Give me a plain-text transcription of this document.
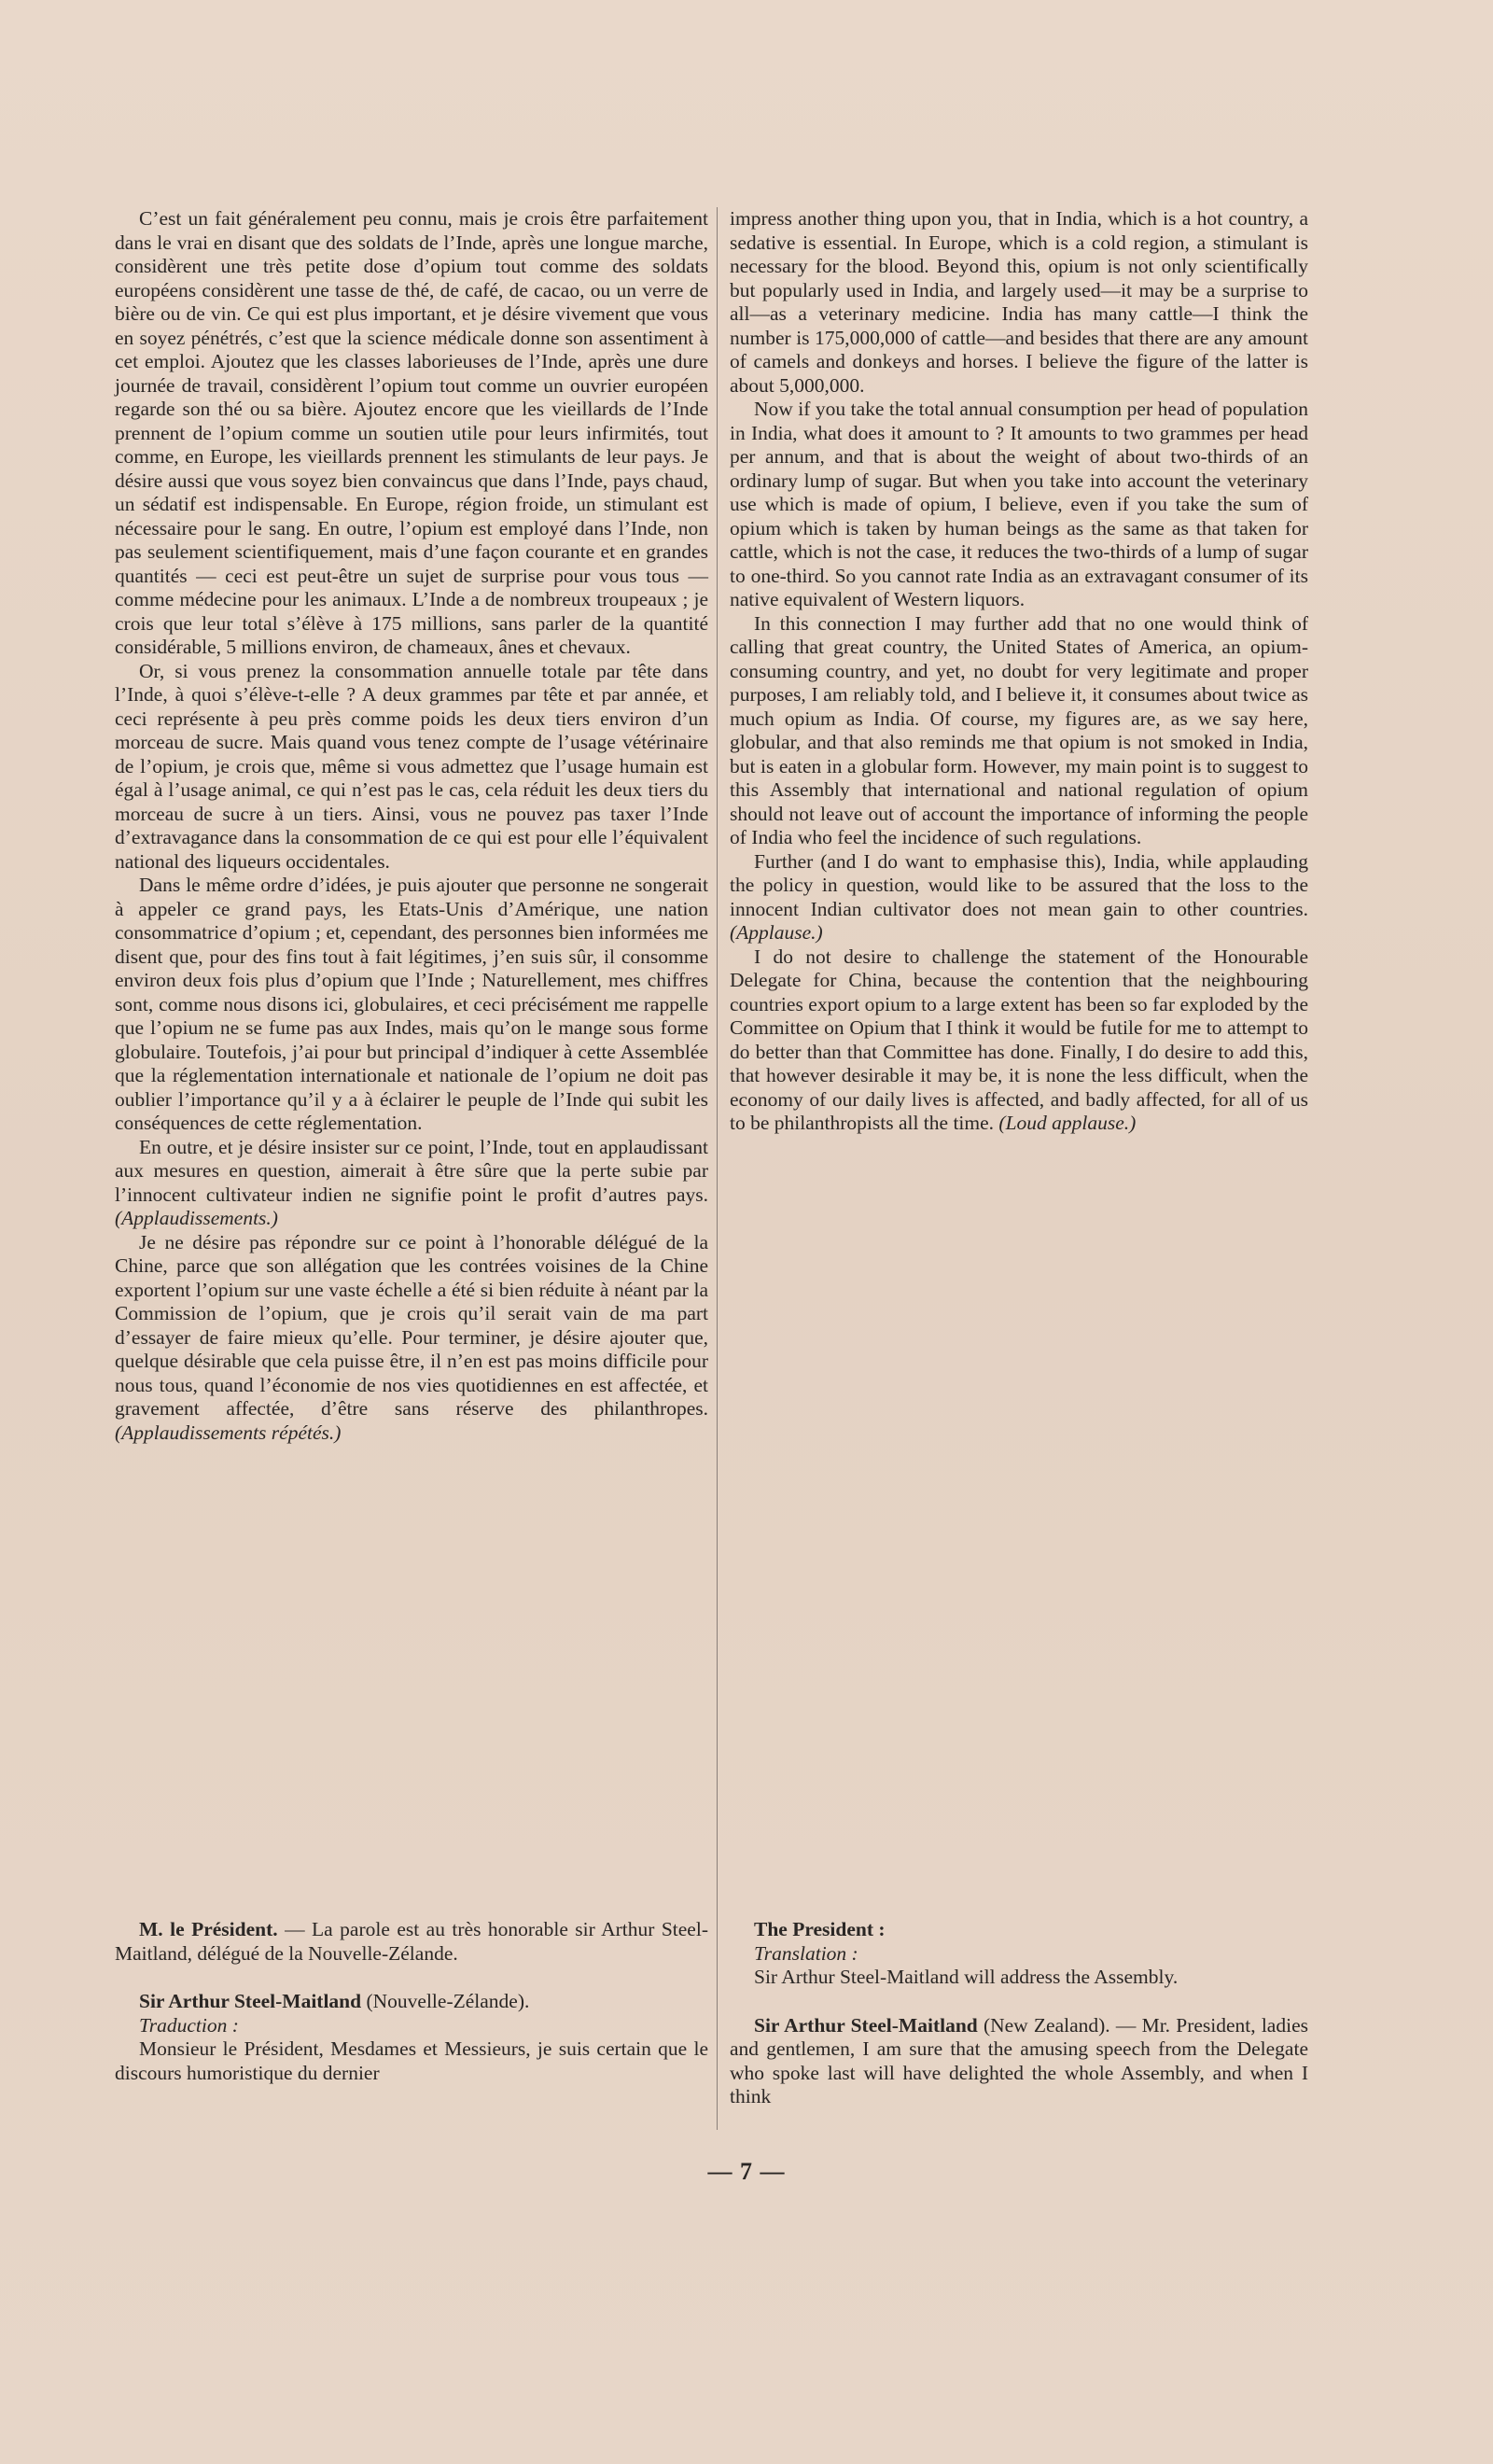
C’est un fait généralement peu connu, mais je crois être parfaitement dans le vrai en disant que des soldats de l’Inde, après une longue marche, considèrent une très petite dose d’opium tout comme des soldats européens considèrent une tasse de thé, de café, de cacao, ou un verre de bière ou de vin. Ce qui est plus important, et je désire vivement que vous en soyez pénétrés, c’est que la science médicale donne son assentiment à cet emploi. Ajoutez que les classes laborieuses de l’Inde, après une dure journée de travail, considèrent l’opium tout comme un ouvrier européen regarde son thé ou sa bière. Ajoutez encore que les vieillards de l’Inde prennent de l’opium comme un soutien utile pour leurs infirmités, tout comme, en Europe, les vieillards prennent les stimulants de leur pays. Je désire aussi que vous soyez bien convaincus que dans l’Inde, pays chaud, un sédatif est indispensable. En Europe, région froide, un stimulant est nécessaire pour le sang. En outre, l’opium est employé dans l’Inde, non pas seulement scientifiquement, mais d’une façon courante et en grandes quantités — ceci est peut-être un sujet de surprise pour vous tous — comme médecine pour les animaux. L’Inde a de nombreux troupeaux ; je crois que leur total s’élève à 175 millions, sans parler de la quantité considérable, 5 millions environ, de chameaux, ânes et chevaux.

Or, si vous prenez la consommation annuelle totale par tête dans l’Inde, à quoi s’élève-t-elle ? A deux grammes par tête et par année, et ceci représente à peu près comme poids les deux tiers environ d’un morceau de sucre. Mais quand vous tenez compte de l’usage vétérinaire de l’opium, je crois que, même si vous admettez que l’usage humain est égal à l’usage animal, ce qui n’est pas le cas, cela réduit les deux tiers du morceau de sucre à un tiers. Ainsi, vous ne pouvez pas taxer l’Inde d’extravagance dans la consommation de ce qui est pour elle l’équivalent national des liqueurs occidentales.

Dans le même ordre d’idées, je puis ajouter que personne ne songerait à appeler ce grand pays, les Etats-Unis d’Amérique, une nation consommatrice d’opium ; et, cependant, des personnes bien informées me disent que, pour des fins tout à fait légitimes, j’en suis sûr, il consomme environ deux fois plus d’opium que l’Inde ; Naturellement, mes chiffres sont, comme nous disons ici, globulaires, et ceci précisément me rappelle que l’opium ne se fume pas aux Indes, mais qu’on le mange sous forme globulaire. Toutefois, j’ai pour but principal d’indiquer à cette Assemblée que la réglementation internationale et nationale de l’opium ne doit pas oublier l’importance qu’il y a à éclairer le peuple de l’Inde qui subit les conséquences de cette réglementation.

En outre, et je désire insister sur ce point, l’Inde, tout en applaudissant aux mesures en question, aimerait à être sûre que la perte subie par l’innocent cultivateur indien ne signifie point le profit d’autres pays. (Applaudissements.)

Je ne désire pas répondre sur ce point à l’honorable délégué de la Chine, parce que son allégation que les contrées voisines de la Chine exportent l’opium sur une vaste échelle a été si bien réduite à néant par la Commission de l’opium, que je crois qu’il serait vain de ma part d’essayer de faire mieux qu’elle. Pour terminer, je désire ajouter que, quelque désirable que cela puisse être, il n’en est pas moins difficile pour nous tous, quand l’économie de nos vies quotidiennes en est affectée, et gravement affectée, d’être sans réserve des philanthropes. (Applaudissements répétés.)

impress another thing upon you, that in India, which is a hot country, a sedative is essential. In Europe, which is a cold region, a stimulant is necessary for the blood. Beyond this, opium is not only scientifically but popularly used in India, and largely used—it may be a surprise to all—as a veterinary medicine. India has many cattle—I think the number is 175,000,000 of cattle—and besides that there are any amount of camels and donkeys and horses. I believe the figure of the latter is about 5,000,000.

Now if you take the total annual consumption per head of population in India, what does it amount to ? It amounts to two grammes per head per annum, and that is about the weight of about two-thirds of an ordinary lump of sugar. But when you take into account the veterinary use which is made of opium, I believe, even if you take the sum of opium which is taken by human beings as the same as that taken for cattle, which is not the case, it reduces the two-thirds of a lump of sugar to one-third. So you cannot rate India as an extravagant consumer of its native equivalent of Western liquors.

In this connection I may further add that no one would think of calling that great country, the United States of America, an opium-consuming country, and yet, no doubt for very legitimate and proper purposes, I am reliably told, and I believe it, it consumes about twice as much opium as India. Of course, my figures are, as we say here, globular, and that also reminds me that opium is not smoked in India, but is eaten in a globular form. However, my main point is to suggest to this Assembly that international and national regulation of opium should not leave out of account the importance of informing the people of India who feel the incidence of such regulations.

Further (and I do want to emphasise this), India, while applauding the policy in question, would like to be assured that the loss to the innocent Indian cultivator does not mean gain to other countries. (Applause.)

I do not desire to challenge the statement of the Honourable Delegate for China, because the contention that the neighbouring countries export opium to a large extent has been so far exploded by the Committee on Opium that I think it would be futile for me to attempt to do better than that Committee has done. Finally, I do desire to add this, that however desirable it may be, it is none the less difficult, when the economy of our daily lives is affected, and badly affected, for all of us to be philanthropists all the time. (Loud applause.)

M. le Président. — La parole est au très honorable sir Arthur Steel-Maitland, délégué de la Nouvelle-Zélande.

Sir Arthur Steel-Maitland (Nouvelle-Zélande).

Traduction :

Monsieur le Président, Mesdames et Messieurs, je suis certain que le discours humoristique du dernier

The President :

Translation :

Sir Arthur Steel-Maitland will address the Assembly.

Sir Arthur Steel-Maitland (New Zealand). — Mr. President, ladies and gentlemen, I am sure that the amusing speech from the Delegate who spoke last will have delighted the whole Assembly, and when I think

— 7 —
